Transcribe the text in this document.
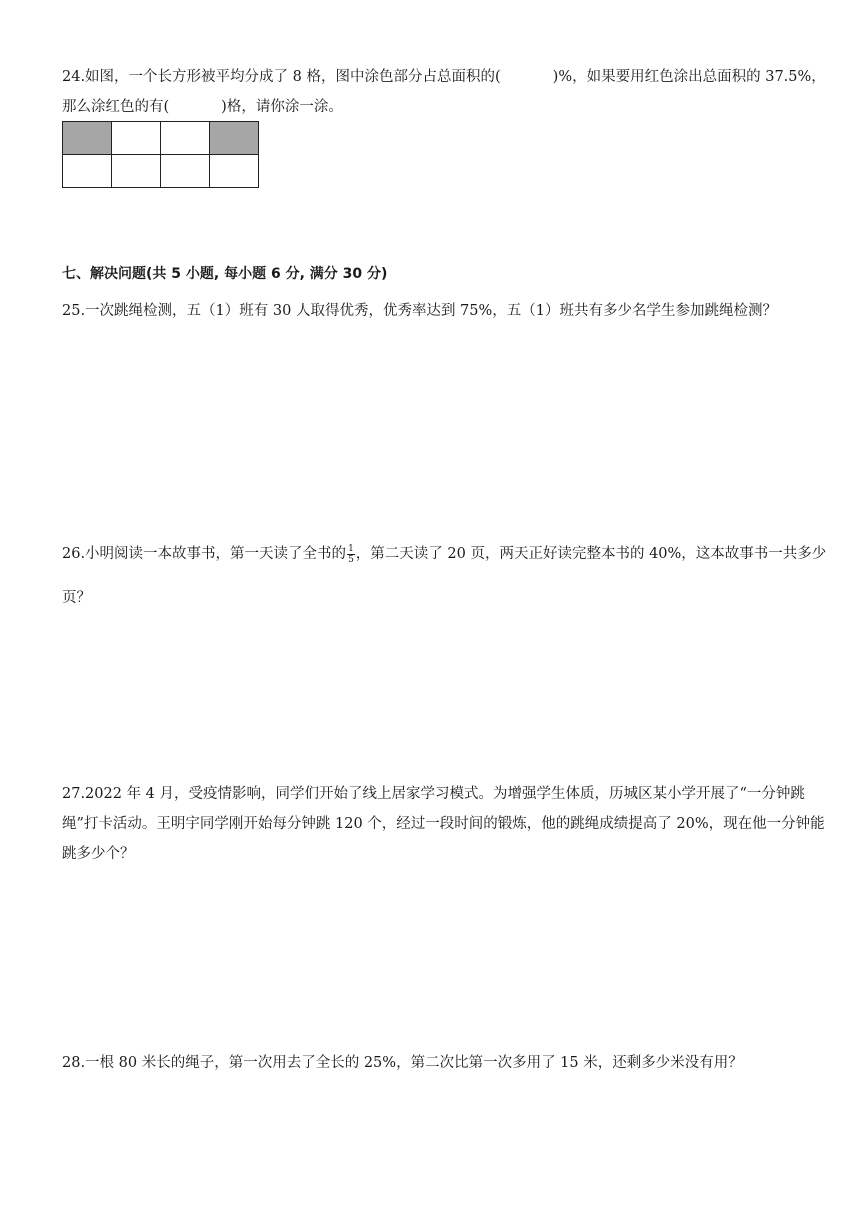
24.如图，一个长方形被平均分成了 8 格，图中涂色部分占总面积的(	)%，如果要用红色涂出总面积的 37.5%，那么涂红色的有(	)格，请你涂一涂。

七、解决问题(共 5 小题, 每小题 6 分, 满分 30 分)

25.一次跳绳检测，五（1）班有 30 人取得优秀，优秀率达到 75%，五（1）班共有多少名学生参加跳绳检测？

26.小明阅读一本故事书，第一天读了全书的 $\frac{1}{5}$ ，第二天读了 20 页，两天正好读完整本书的 40%，这本故事书一共多少页？

27.2022 年 4 月，受疫情影响，同学们开始了线上居家学习模式。为增强学生体质，历城区某小学开展了“一分钟跳绳”打卡活动。王明宇同学刚开始每分钟跳 120 个，经过一段时间的锻炼，他的跳绳成绩提高了 20%，现在他一分钟能跳多少个？

28.一根 80 米长的绳子，第一次用去了全长的 25%，第二次比第一次多用了 15 米，还剩多少米没有用？
